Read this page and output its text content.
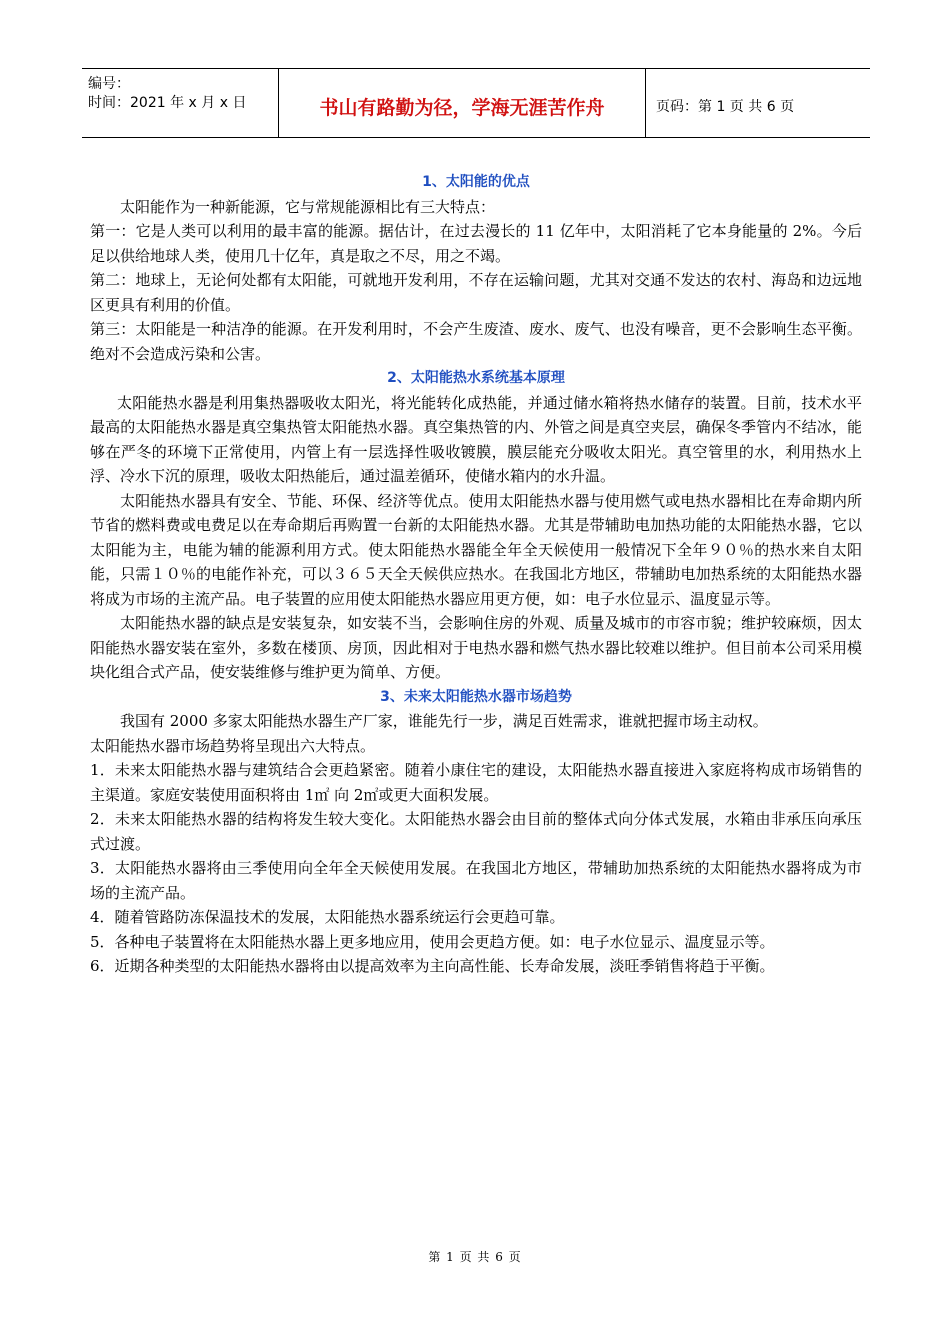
编号：
时间：2021 年 x 月 x 日	书山有路勤为径，学海无涯苦作舟	页码：第 1 页 共 6 页
1、太阳能的优点

太阳能作为一种新能源，它与常规能源相比有三大特点：

第一：它是人类可以利用的最丰富的能源。据估计，在过去漫长的 11 亿年中，太阳消耗了它本身能量的 2%。今后足以供给地球人类，使用几十亿年，真是取之不尽，用之不竭。

第二：地球上，无论何处都有太阳能，可就地开发利用，不存在运输问题，尤其对交通不发达的农村、海岛和边远地区更具有利用的价值。

第三：太阳能是一种洁净的能源。在开发利用时，不会产生废渣、废水、废气、也没有噪音，更不会影响生态平衡。绝对不会造成污染和公害。

2、太阳能热水系统基本原理

太阳能热水器是利用集热器吸收太阳光，将光能转化成热能，并通过储水箱将热水储存的装置。目前，技术水平最高的太阳能热水器是真空集热管太阳能热水器。真空集热管的内、外管之间是真空夹层，确保冬季管内不结冰，能够在严冬的环境下正常使用，内管上有一层选择性吸收镀膜，膜层能充分吸收太阳光。真空管里的水，利用热水上浮、冷水下沉的原理，吸收太阳热能后，通过温差循环，使储水箱内的水升温。

太阳能热水器具有安全、节能、环保、经济等优点。使用太阳能热水器与使用燃气或电热水器相比在寿命期内所节省的燃料费或电费足以在寿命期后再购置一台新的太阳能热水器。尤其是带辅助电加热功能的太阳能热水器，它以太阳能为主，电能为辅的能源利用方式。使太阳能热水器能全年全天候使用一般情况下全年９０％的热水来自太阳能，只需１０％的电能作补充，可以３６５天全天候供应热水。在我国北方地区，带辅助电加热系统的太阳能热水器将成为市场的主流产品。电子装置的应用使太阳能热水器应用更方便，如：电子水位显示、温度显示等。

太阳能热水器的缺点是安装复杂，如安装不当，会影响住房的外观、质量及城市的市容市貌；维护较麻烦，因太阳能热水器安装在室外，多数在楼顶、房顶，因此相对于电热水器和燃气热水器比较难以维护。但目前本公司采用模块化组合式产品，使安装维修与维护更为简单、方便。

3、未来太阳能热水器市场趋势

我国有 2000 多家太阳能热水器生产厂家，谁能先行一步，满足百姓需求，谁就把握市场主动权。

太阳能热水器市场趋势将呈现出六大特点。

1．未来太阳能热水器与建筑结合会更趋紧密。随着小康住宅的建设，太阳能热水器直接进入家庭将构成市场销售的主渠道。家庭安装使用面积将由 1㎡ 向 2㎡或更大面积发展。

2．未来太阳能热水器的结构将发生较大变化。太阳能热水器会由目前的整体式向分体式发展，水箱由非承压向承压式过渡。

3．太阳能热水器将由三季使用向全年全天候使用发展。在我国北方地区，带辅助加热系统的太阳能热水器将成为市场的主流产品。

4．随着管路防冻保温技术的发展，太阳能热水器系统运行会更趋可靠。

5．各种电子装置将在太阳能热水器上更多地应用，使用会更趋方便。如：电子水位显示、温度显示等。

6．近期各种类型的太阳能热水器将由以提高效率为主向高性能、长寿命发展，淡旺季销售将趋于平衡。

第 1 页 共 6 页
